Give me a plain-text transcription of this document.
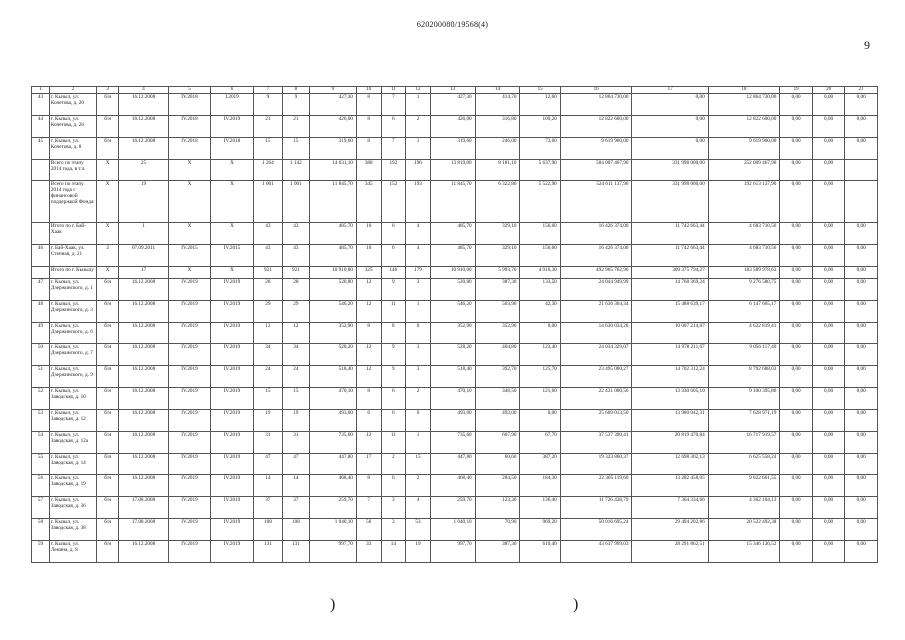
620200080/19568(4)
9
1	2	3	4	5	6	7	8	9	10	11	12	13	14	15	16	17	18	19	20	21
43	г. Кызыл, ул. Кочетова, д. 20	б/н	16.12.2008	IV.2018	I.2019	9	9	427,30	8	7	1	427,30	414,70	12,60	12 864 730,00	0,00	12 864 730,00	0,00	0,00	0,00
44	г. Кызыл, ул. Кочетова, д. 26	б/н	16.12.2008	IV.2018	IV.2019	21	21	426,00	8	6	2	426,00	316,80	109,20	12 822 600,00	0,00	12 822 600,00	0,00	0,00	0,00
45	г. Кызыл, ул. Кочетова, д. 8	б/н	16.12.2008	IV.2018	IV.2018	15	15	319,60	8	7	1	319,60	246,00	73,60	9 619 960,00	0,00	9 619 960,00	0,00	0,00	0,00
	Всего по этапу 2014 года, в т.ч.	X	25	X	X	1 264	1 142	14 631,10	388	192	196	13 819,00	8 181,10	5 637,90	584 007 467,90	331 998 000,00	252 009 467,90	0,00	0,00	
	Всего по этапу 2014 года с финансовой поддержкой Фонда:	X	19	X	X	1 001	1 001	11 845,70	345	152	193	11 845,70	6 322,80	5 522,90	524 611 137,90	331 998 000,00	192 613 137,90	0,00	0,00	
	Итого по г. Бай-Хаак	X	1	X	X	43	43	485,70	10	6	4	485,70	329,10	156,60	16 426 374,00	11 742 663,44	4 683 710,56	0,00	0,00	0,00
46	г. Бай-Хаак, ул. Степная, д. 21	2	07.09.2011	IV.2015	IV.2015	43	43	485,70	10	6	4	485,70	329,10	156,60	16 426 374,00	11 742 663,44	4 683 710,56	0,00	0,00	0,00
	Итого по г. Кызылу	X	17	X	X	921	921	10 910,00	325	146	179	10 910,00	5 993,70	4 916,30	492 965 762,90	309 375 794,27	183 589 978,63	0,00	0,00	0,00
47	г. Кызыл, ул. Дзержинского, д. 1	б/н	16.12.2008	IV.2019	IV.2019	28	28	520,80	12	9	3	520,80	387,30	133,50	24 044 949,99	14 768 369,24	9 276 580,75	0,00	0,00	0,00
48	г. Кызыл, ул. Дзержинского, д. 3	б/н	16.12.2008	IV.2019	IV.2019	29	29	546,20	12	11	1	546,20	503,90	42,30	21 636 304,34	15 488 639,17	6 147 665,17	0,00	0,00	0,00
49	г. Кызыл, ул. Дзержинского, д. 6	б/н	16.12.2008	IV.2019	IV.2019	12	12	352,90	8	8	0	352,90	352,90	0,00	14 630 034,28	10 007 214,87	4 622 819,41	0,00	0,00	0,00
50	г. Кызыл, ул. Дзержинского, д. 7	б/н	16.12.2008	IV.2019	IV.2019	34	34	528,20	12	9	3	528,20	404,80	123,40	24 034 329,07	14 978 211,67	9 056 117,40	0,00	0,00	0,00
51	г. Кызыл, ул. Дзержинского, д. 9	б/н	16.12.2008	IV.2019	IV.2019	24	24	518,40	12	9	3	518,40	392,70	125,70	23 495 000,27	14 702 312,24	8 792 688,03	0,00	0,00	0,00
52	г. Кызыл, ул. Заводская, д. 10	б/н	16.12.2008	IV.2019	IV.2019	15	15	470,10	8	6	2	470,10	348,50	121,60	22 431 000,56	13 330 605,10	9 100 395,86	0,00	0,00	0,00
53	г. Кызыл, ул. Заводская, д. 12	б/н	16.12.2008	IV.2019	IV.2019	19	19	493,00	6	6	0	493,00	493,00	0,00	25 609 013,50	13 980 042,31	7 628 971,19	0,00	0,00	0,00
54	г. Кызыл, ул. Заводская, д. 12а	б/н	16.12.2008	IV.2019	IV.2019	31	31	735,60	12	11	1	735,60	667,90	67,70	37 537 390,41	20 819 470,84	16 717 919,57	0,00	0,00	0,00
55	г. Кызыл, ул. Заводская, д. 14	б/н	16.12.2008	IV.2019	IV.2019	47	47	447,80	17	2	15	447,80	60,60	387,20	19 323 860,37	12 698 302,13	6 625 558,24	0,00	0,00	0,00
56	г. Кызыл, ул. Заводская, д. 19	б/н	16.12.2008	IV.2019	IV.2019	14	14	468,40	8	6	2	468,40	284,50	184,30	22 305 119,60	13 282 458,05	9 022 661,55	0,00	0,00	0,00
57	г. Кызыл, ул. Заводская, д. 36	б/н	17.08.2008	IV.2019	IV.2019	37	37	259,70	7	3	4	259,70	123,30	136,40	11 726 438,79	7 364 334,66	4 362 104,13	0,00	0,00	0,00
58	г. Кызыл, ул. Заводская, д. 38	б/н	17.08.2008	IV.2019	IV.2019	108	108	1 040,10	56	3	53	1 040,10	70,90	969,20	50 016 695,24	29 494 202,86	20 522 492,38	0,00	0,00	0,00
59	г. Кызыл, ул. Ленина, д. 8	б/н	16.12.2008	IV.2019	IV.2019	131	131	997,70	33	14	19	997,70	387,30	610,40	43 637 999,03	28 291 862,51	15 346 136,52	0,00	0,00	0,00
)	)
